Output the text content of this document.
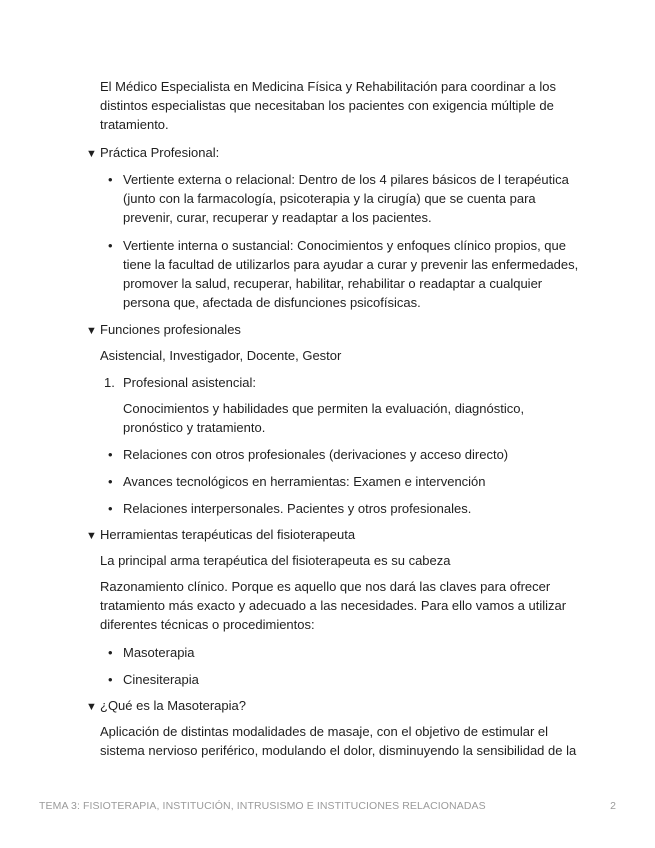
El Médico Especialista en Medicina Física y Rehabilitación para coordinar a los

distintos especialistas que necesitaban los pacientes con exigencia múltiple de

tratamiento.

▼ Práctica Profesional:
• Vertiente externa o relacional: Dentro de los 4 pilares básicos de l terapéutica

(junto con la farmacología, psicoterapia y la cirugía) que se cuenta para

prevenir, curar, recuperar y readaptar a los pacientes.

• Vertiente interna o sustancial: Conocimientos y enfoques clínico propios, que

tiene la facultad de utilizarlos para ayudar a curar y prevenir las enfermedades,

promover la salud, recuperar, habilitar, rehabilitar o readaptar a cualquier

persona que, afectada de disfunciones psicofísicas.

▼ Funciones profesionales

Asistencial, Investigador, Docente, Gestor

1. Profesional asistencial:

Conocimientos y habilidades que permiten la evaluación, diagnóstico,

pronóstico y tratamiento.

• Relaciones con otros profesionales (derivaciones y acceso directo)

• Avances tecnológicos en herramientas: Examen e intervención

• Relaciones interpersonales. Pacientes y otros profesionales.

▼ Herramientas terapéuticas del fisioterapeuta

La principal arma terapéutica del fisioterapeuta es su cabeza

Razonamiento clínico. Porque es aquello que nos dará las claves para ofrecer

tratamiento más exacto y adecuado a las necesidades. Para ello vamos a utilizar

diferentes técnicas o procedimientos:

• Masoterapia

• Cinesiterapia

▼ ¿Qué es la Masoterapia?

Aplicación de distintas modalidades de masaje, con el objetivo de estimular el

sistema nervioso periférico, modulando el dolor, disminuyendo la sensibilidad de la

TEMA 3: FISIOTERAPIA, INSTITUCIÓN, INTRUSISMO E INSTITUCIONES RELACIONADAS	2
